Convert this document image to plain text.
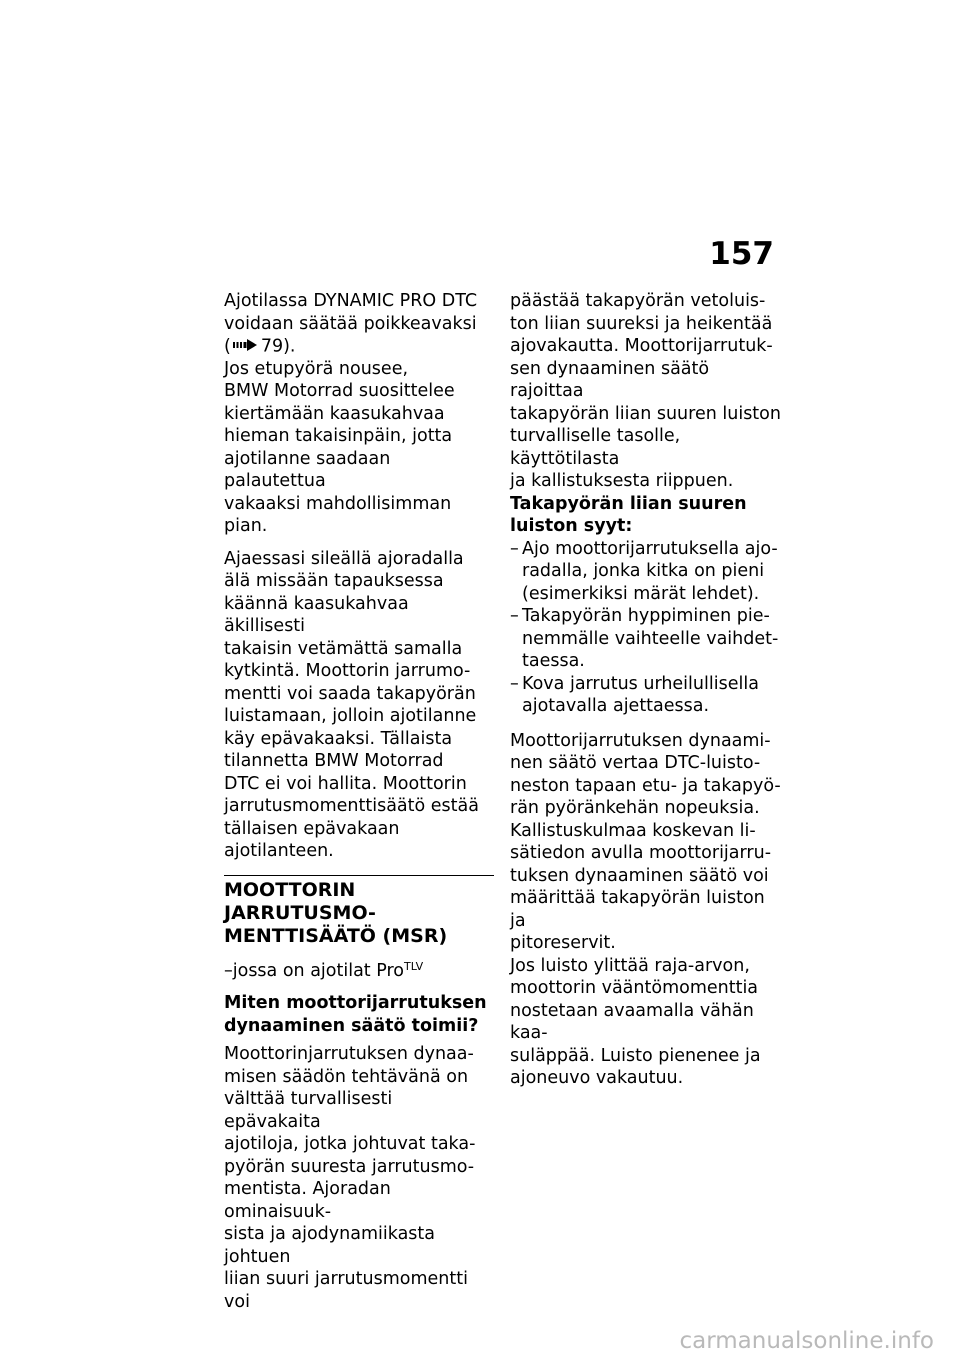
157

Ajotilassa DYNAMIC PRO DTC
voidaan säätää poikkeavaksi
( 79).
Jos etupyörä nousee,
BMW Motorrad suosittelee
kiertämään kaasukahvaa
hieman takaisinpäin, jotta
ajotilanne saadaan palautettua
vakaaksi mahdollisimman pian.

Ajaessasi sileällä ajoradalla
älä missään tapauksessa
käännä kaasukahvaa äkillisesti
takaisin vetämättä samalla
kytkintä. Moottorin jarrumo-
mentti voi saada takapyörän
luistamaan, jolloin ajotilanne
käy epävakaaksi. Tällaista
tilannetta BMW Motorrad
DTC ei voi hallita. Moottorin
jarrutusmomenttisäätö estää
tällaisen epävakaan ajotilanteen.

MOOTTORIN JARRUTUSMO-
MENTTISÄÄTÖ (MSR)

–jossa on ajotilat Pro$^{TLV}$

Miten moottorijarrutuksen
dynaaminen säätö toimii?

Moottorinjarrutuksen dynaa-
misen säädön tehtävänä on
välttää turvallisesti epävakaita
ajotiloja, jotka johtuvat taka-
pyörän suuresta jarrutusmo-
mentista. Ajoradan ominaisuuk-
sista ja ajodynamiikasta johtuen
liian suuri jarrutusmomentti voi

päästää takapyörän vetoluis-
ton liian suureksi ja heikentää
ajovakautta. Moottorijarrutuk-
sen dynaaminen säätö rajoittaa
takapyörän liian suuren luiston
turvalliselle tasolle, käyttötilasta
ja kallistuksesta riippuen.

Takapyörän liian suuren
luiston syyt:

– Ajo moottorijarrutuksella ajo-
radalla, jonka kitka on pieni
(esimerkiksi märät lehdet).
– Takapyörän hyppiminen pie-
nemmälle vaihteelle vaihdet-
taessa.
– Kova jarrutus urheilullisella
ajotavalla ajettaessa.

Moottorijarrutuksen dynaami-
nen säätö vertaa DTC-luisto-
neston tapaan etu- ja takapyö-
rän pyöränkehän nopeuksia.
Kallistuskulmaa koskevan li-
sätiedon avulla moottorijarru-
tuksen dynaaminen säätö voi
määrittää takapyörän luiston ja
pitoreservit.

Jos luisto ylittää raja-arvon,
moottorin vääntömomenttia
nostetaan avaamalla vähän kaa-
suläppää. Luisto pienenee ja
ajoneuvo vakautuu.

carmanualsonline.info
